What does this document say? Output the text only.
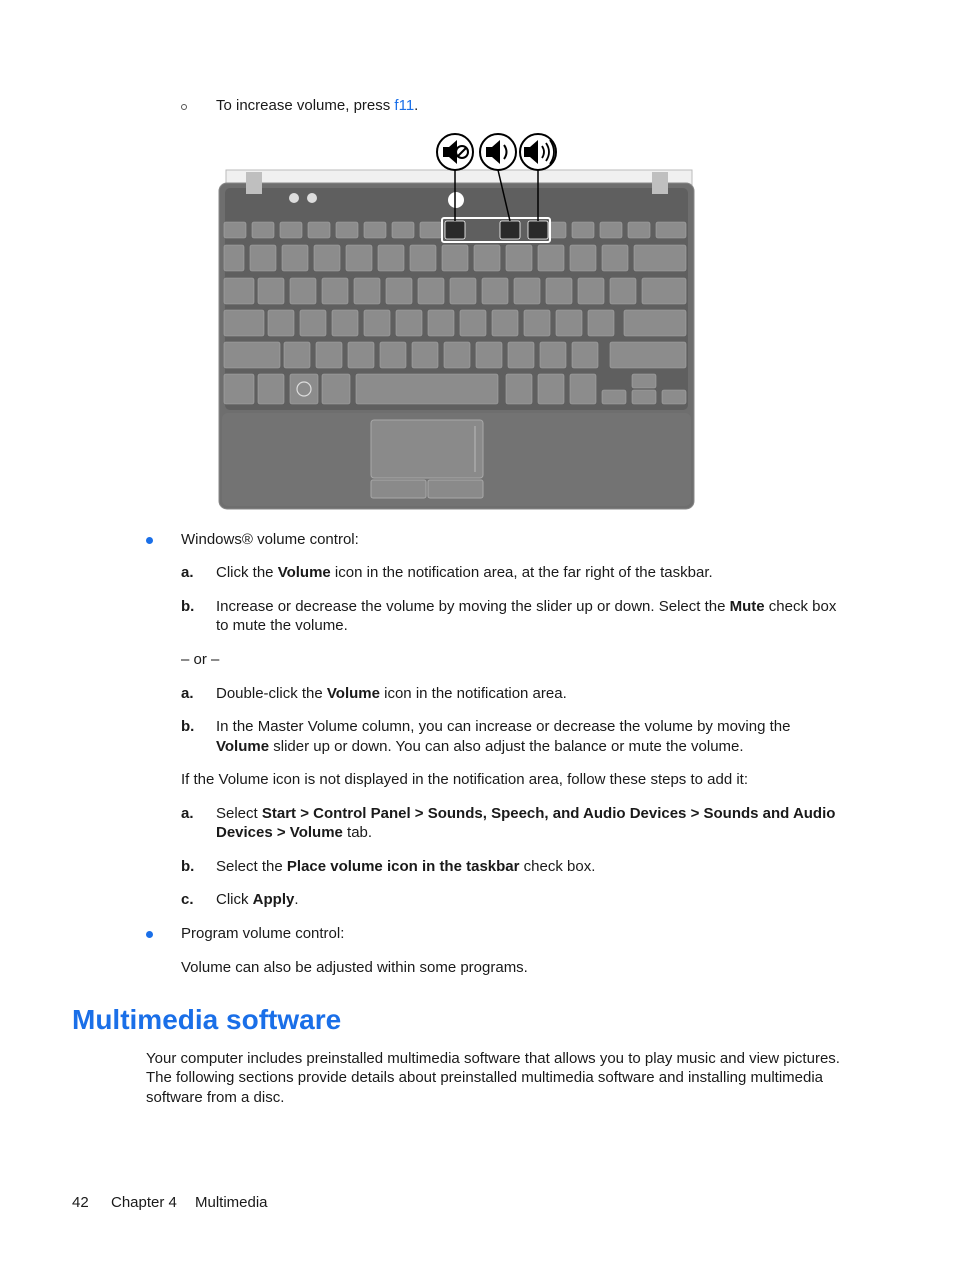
To increase volume, press f11.
Windows® volume control:
a. Click the Volume icon in the notification area, at the far right of the taskbar.
b. Increase or decrease the volume by moving the slider up or down. Select the Mute check box
to mute the volume.
– or –
a. Double-click the Volume icon in the notification area.
b. In the Master Volume column, you can increase or decrease the volume by moving the
Volume slider up or down. You can also adjust the balance or mute the volume.
If the Volume icon is not displayed in the notification area, follow these steps to add it:
a. Select Start > Control Panel > Sounds, Speech, and Audio Devices > Sounds and Audio
Devices > Volume tab.
b. Select the Place volume icon in the taskbar check box.
c. Click Apply.
Program volume control:
Volume can also be adjusted within some programs.
Multimedia software
Your computer includes preinstalled multimedia software that allows you to play music and view pictures.
The following sections provide details about preinstalled multimedia software and installing multimedia
software from a disc.
42 Chapter 4 Multimedia
